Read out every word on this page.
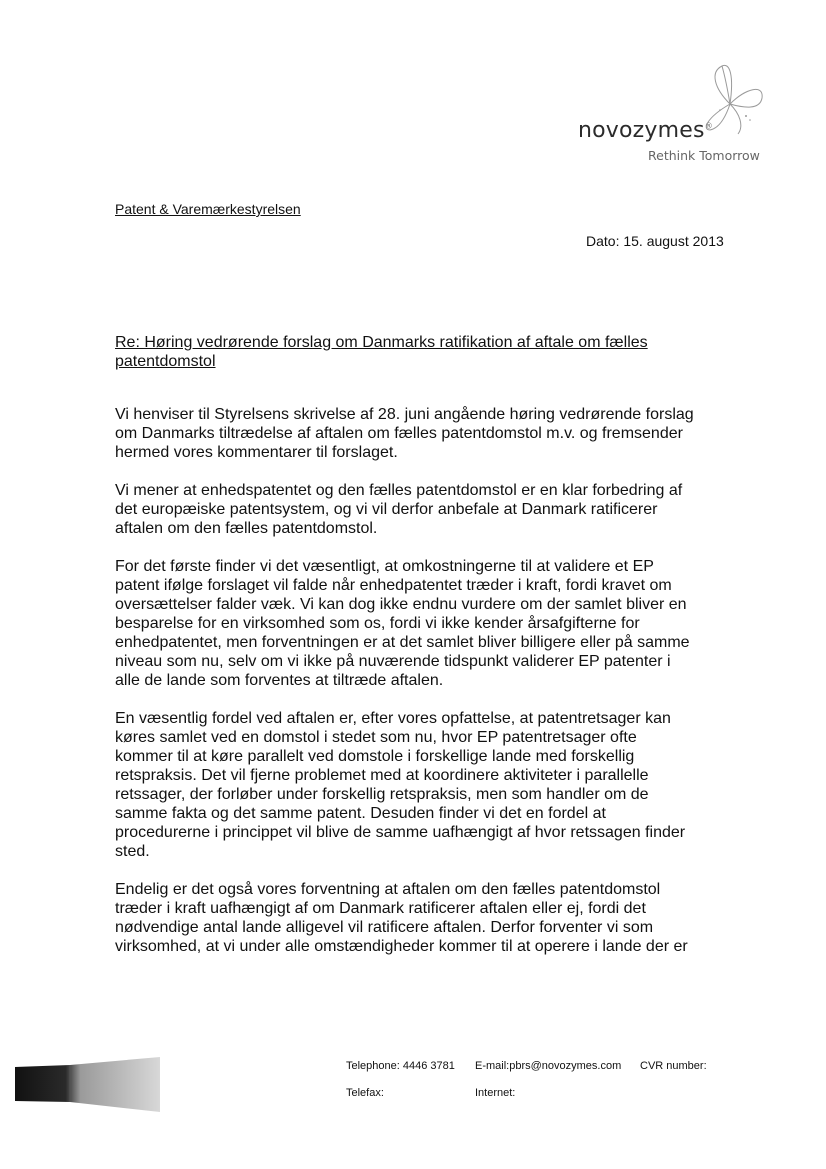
novozymes®
Rethink Tomorrow
Patent & Varemærkestyrelsen
Dato: 15. august 2013
Re: Høring vedrørende forslag om Danmarks ratifikation af aftale om fælles patentdomstol

Vi henviser til Styrelsens skrivelse af 28. juni angående høring vedrørende forslag
om Danmarks tiltrædelse af aftalen om fælles patentdomstol m.v. og fremsender
hermed vores kommentarer til forslaget.

Vi mener at enhedspatentet og den fælles patentdomstol er en klar forbedring af
det europæiske patentsystem, og vi vil derfor anbefale at Danmark ratificerer
aftalen om den fælles patentdomstol.

For det første finder vi det væsentligt, at omkostningerne til at validere et EP
patent ifølge forslaget vil falde når enhedpatentet træder i kraft, fordi kravet om
oversættelser falder væk. Vi kan dog ikke endnu vurdere om der samlet bliver en
besparelse for en virksomhed som os, fordi vi ikke kender årsafgifterne for
enhedpatentet, men forventningen er at det samlet bliver billigere eller på samme
niveau som nu, selv om vi ikke på nuværende tidspunkt validerer EP patenter i
alle de lande som forventes at tiltræde aftalen.

En væsentlig fordel ved aftalen er, efter vores opfattelse, at patentretsager kan
køres samlet ved en domstol i stedet som nu, hvor EP patentretsager ofte
kommer til at køre parallelt ved domstole i forskellige lande med forskellig
retspraksis. Det vil fjerne problemet med at koordinere aktiviteter i parallelle
retssager, der forløber under forskellig retspraksis, men som handler om de
samme fakta og det samme patent. Desuden finder vi det en fordel at
procedurerne i princippet vil blive de samme uafhængigt af hvor retssagen finder
sted.

Endelig er det også vores forventning at aftalen om den fælles patentdomstol
træder i kraft uafhængigt af om Danmark ratificerer aftalen eller ej, fordi det
nødvendige antal lande alligevel vil ratificere aftalen. Derfor forventer vi som
virksomhed, at vi under alle omstændigheder kommer til at operere i lande der er

Telephone: 4446 3781 E-mail:pbrs@novozymes.com CVR number:
Telefax:	Internet:
